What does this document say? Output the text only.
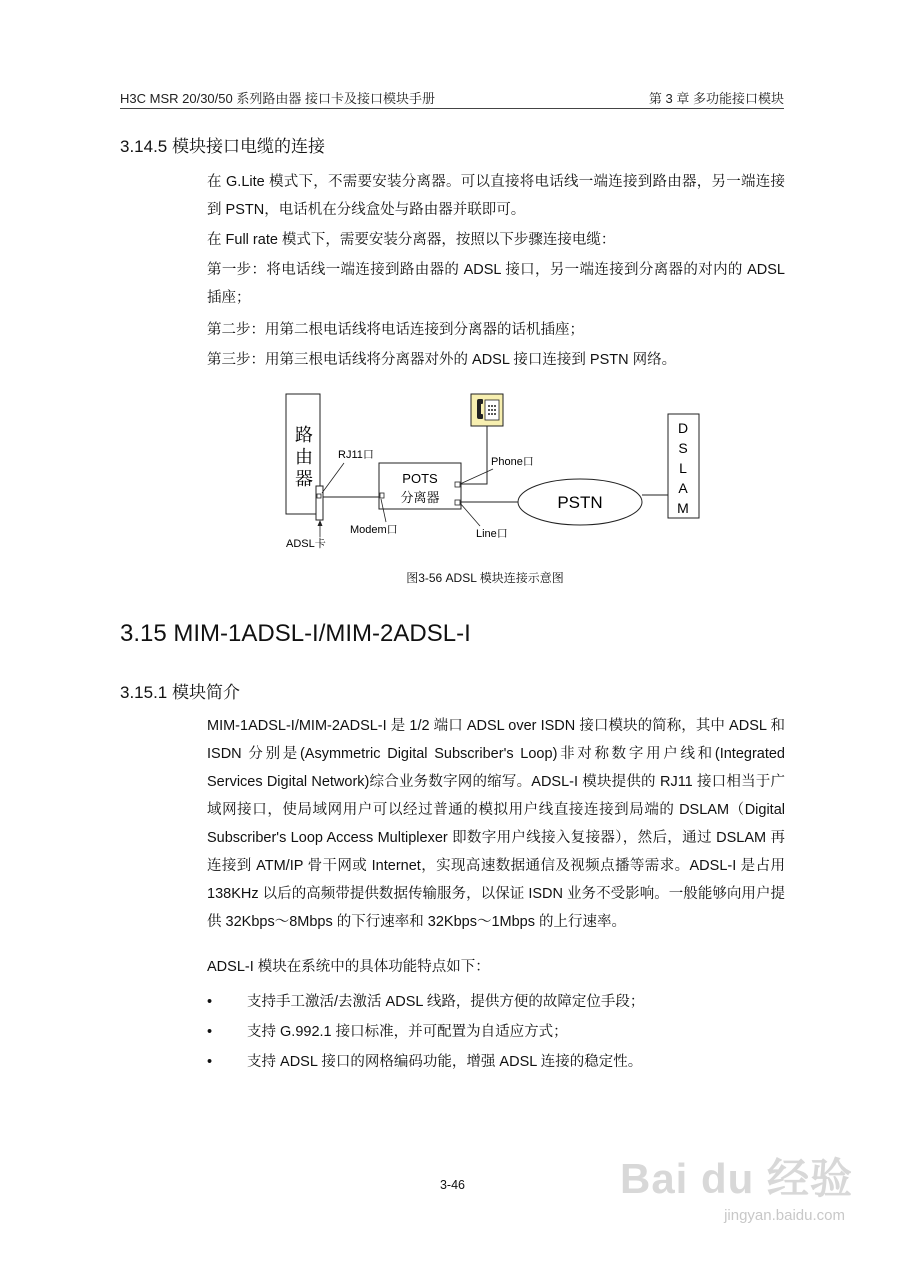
H3C MSR 20/30/50 系列路由器 接口卡及接口模块手册	第 3 章 多功能接口模块
3.14.5 模块接口电缆的连接
在 G.Lite 模式下，不需要安装分离器。可以直接将电话线一端连接到路由器，另一端连接到 PSTN，电话机在分线盒处与路由器并联即可。
在 Full rate 模式下，需要安装分离器，按照以下步骤连接电缆：
第一步：将电话线一端连接到路由器的 ADSL 接口，另一端连接到分离器的对内的 ADSL 插座；
第二步：用第二根电话线将电话连接到分离器的话机插座；
第三步：用第三根电话线将分离器对外的 ADSL 接口连接到 PSTN 网络。
路
由
器
RJ11口
ADSL卡
POTS
分离器
Modem口
Phone口
Line口
PSTN
D
S
L
A
M
图3-56 ADSL 模块连接示意图
3.15 MIM-1ADSL-I/MIM-2ADSL-I
3.15.1 模块简介
MIM-1ADSL-I/MIM-2ADSL-I 是 1/2 端口 ADSL over ISDN 接口模块的简称，其中 ADSL 和 ISDN 分别是(Asymmetric Digital Subscriber's Loop)非对称数字用户线和(Integrated Services Digital Network)综合业务数字网的缩写。ADSL-I 模块提供的 RJ11 接口相当于广域网接口，使局域网用户可以经过普通的模拟用户线直接连接到局端的 DSLAM（Digital Subscriber's Loop Access Multiplexer 即数字用户线接入复接器），然后，通过 DSLAM 再连接到 ATM/IP 骨干网或 Internet，实现高速数据通信及视频点播等需求。ADSL-I 是占用 138KHz 以后的高频带提供数据传输服务，以保证 ISDN 业务不受影响。一般能够向用户提供 32Kbps～8Mbps 的下行速率和 32Kbps～1Mbps 的上行速率。
ADSL-I 模块在系统中的具体功能特点如下：
• 支持手工激活/去激活 ADSL 线路，提供方便的故障定位手段；
• 支持 G.992.1 接口标准，并可配置为自适应方式；
• 支持 ADSL 接口的网格编码功能，增强 ADSL 连接的稳定性。
3-46	Bai du 经验
jingyan.baidu.com
